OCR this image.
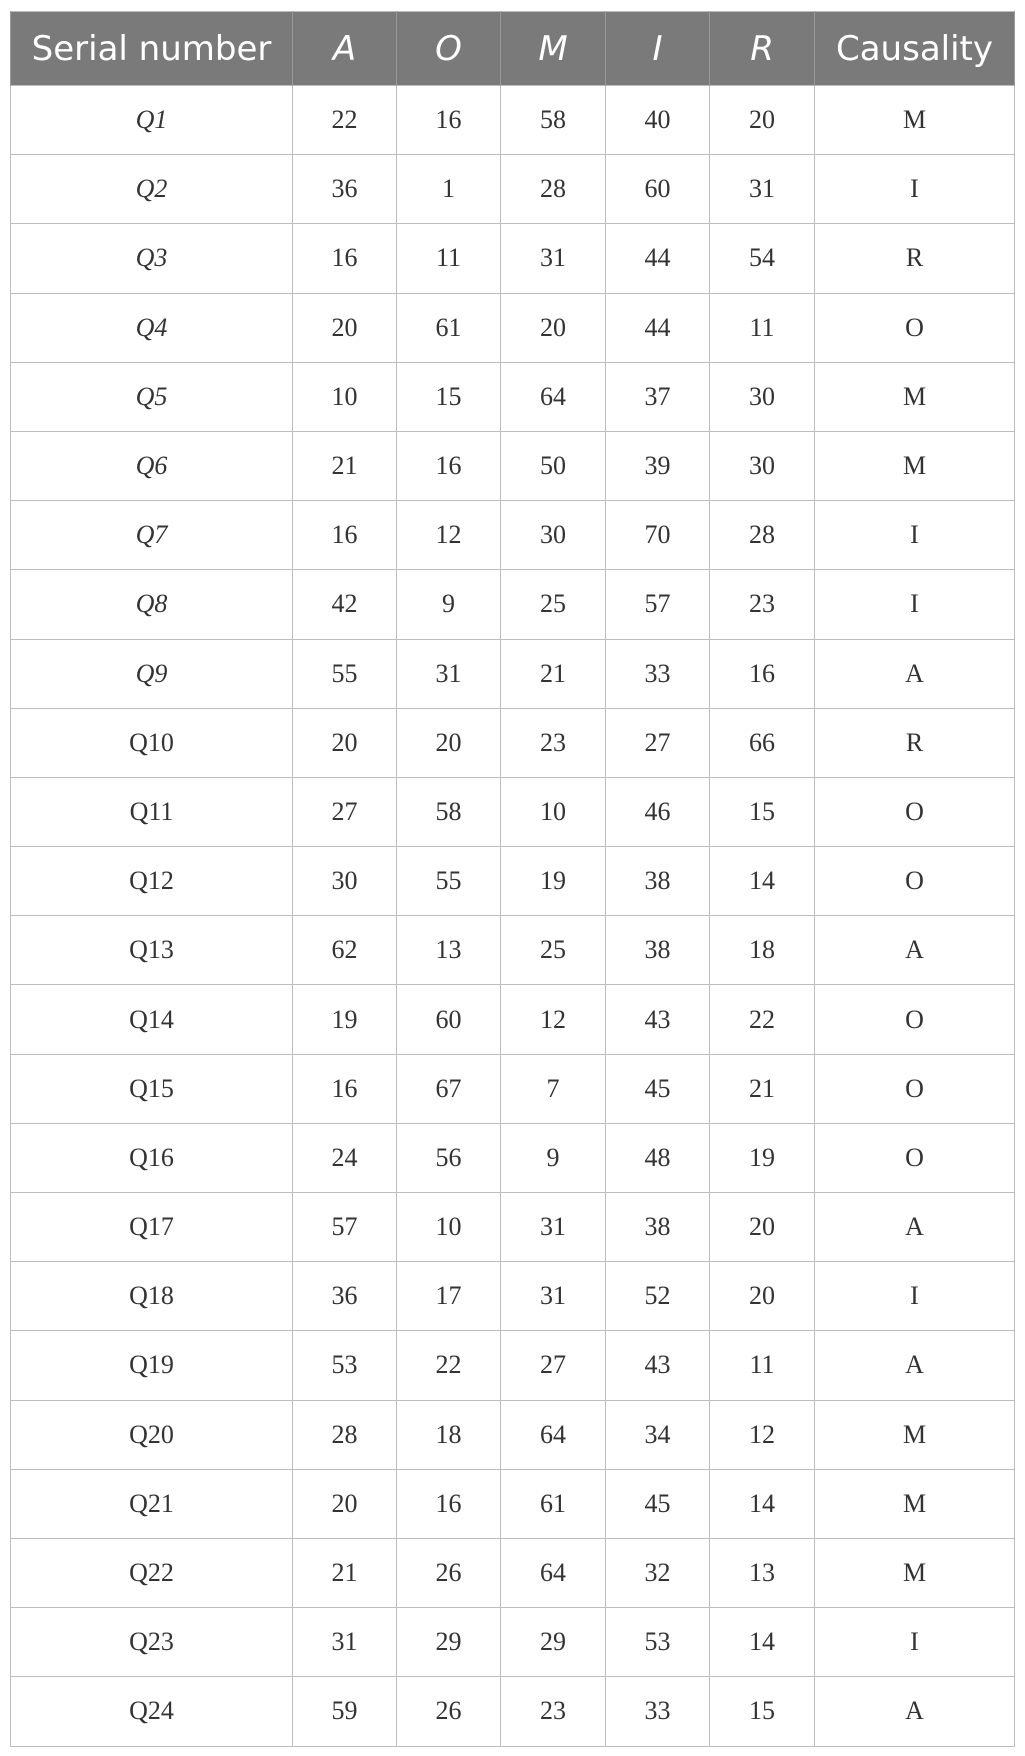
Serial number	A	O	M	I	R	Causality
Q1	22	16	58	40	20	M
Q2	36	1	28	60	31	I
Q3	16	11	31	44	54	R
Q4	20	61	20	44	11	O
Q5	10	15	64	37	30	M
Q6	21	16	50	39	30	M
Q7	16	12	30	70	28	I
Q8	42	9	25	57	23	I
Q9	55	31	21	33	16	A
Q10	20	20	23	27	66	R
Q11	27	58	10	46	15	O
Q12	30	55	19	38	14	O
Q13	62	13	25	38	18	A
Q14	19	60	12	43	22	O
Q15	16	67	7	45	21	O
Q16	24	56	9	48	19	O
Q17	57	10	31	38	20	A
Q18	36	17	31	52	20	I
Q19	53	22	27	43	11	A
Q20	28	18	64	34	12	M
Q21	20	16	61	45	14	M
Q22	21	26	64	32	13	M
Q23	31	29	29	53	14	I
Q24	59	26	23	33	15	A
